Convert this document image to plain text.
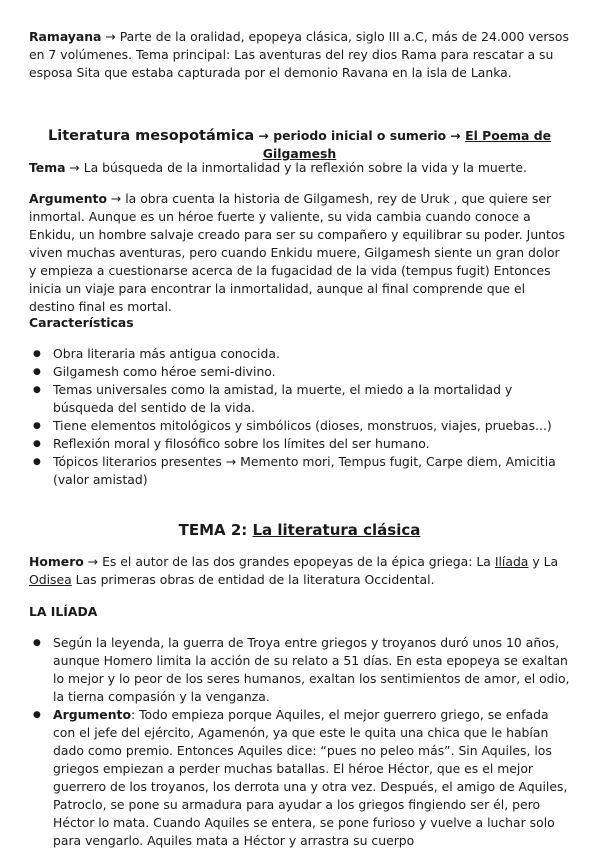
Ramayana → Parte de la oralidad, epopeya clásica, siglo III a.C, más de 24.000 versos en 7 volúmenes. Tema principal: Las aventuras del rey dios Rama para rescatar a su esposa Sita que estaba capturada por el demonio Ravana en la isla de Lanka.

Literatura mesopotámica → periodo inicial o sumerio → El Poema de Gilgamesh

Tema → La búsqueda de la inmortalidad y la reflexión sobre la vida y la muerte.

Argumento → la obra cuenta la historia de Gilgamesh, rey de Uruk , que quiere ser inmortal. Aunque es un héroe fuerte y valiente, su vida cambia cuando conoce a Enkidu, un hombre salvaje creado para ser su compañero y equilibrar su poder. Juntos viven muchas aventuras, pero cuando Enkidu muere, Gilgamesh siente un gran dolor y empieza a cuestionarse acerca de la fugacidad de la vida (tempus fugit) Entonces inicia un viaje para encontrar la inmortalidad, aunque al final comprende que el destino final es mortal.

Características

● Obra literaria más antigua conocida.
● Gilgamesh como héroe semi-divino.
● Temas universales como la amistad, la muerte, el miedo a la mortalidad y búsqueda del sentido de la vida.
● Tiene elementos mitológicos y simbólicos (dioses, monstruos, viajes, pruebas...)
● Reflexión moral y filosófico sobre los límites del ser humano.
● Tópicos literarios presentes → Memento mori, Tempus fugit, Carpe diem, Amicitia (valor amistad)

TEMA 2: La literatura clásica

Homero → Es el autor de las dos grandes epopeyas de la épica griega: La Ilíada y La Odisea Las primeras obras de entidad de la literatura Occidental.

LA ILÍADA

● Según la leyenda, la guerra de Troya entre griegos y troyanos duró unos 10 años, aunque Homero limita la acción de su relato a 51 días. En esta epopeya se exaltan lo mejor y lo peor de los seres humanos, exaltan los sentimientos de amor, el odio, la tierna compasión y la venganza.
● Argumento: Todo empieza porque Aquiles, el mejor guerrero griego, se enfada con el jefe del ejército, Agamenón, ya que este le quita una chica que le habían dado como premio. Entonces Aquiles dice: “pues no peleo más”. Sin Aquiles, los griegos empiezan a perder muchas batallas. El héroe Héctor, que es el mejor guerrero de los troyanos, los derrota una y otra vez. Después, el amigo de Aquiles, Patroclo, se pone su armadura para ayudar a los griegos fingiendo ser él, pero Héctor lo mata. Cuando Aquiles se entera, se pone furioso y vuelve a luchar solo para vengarlo. Aquiles mata a Héctor y arrastra su cuerpo
